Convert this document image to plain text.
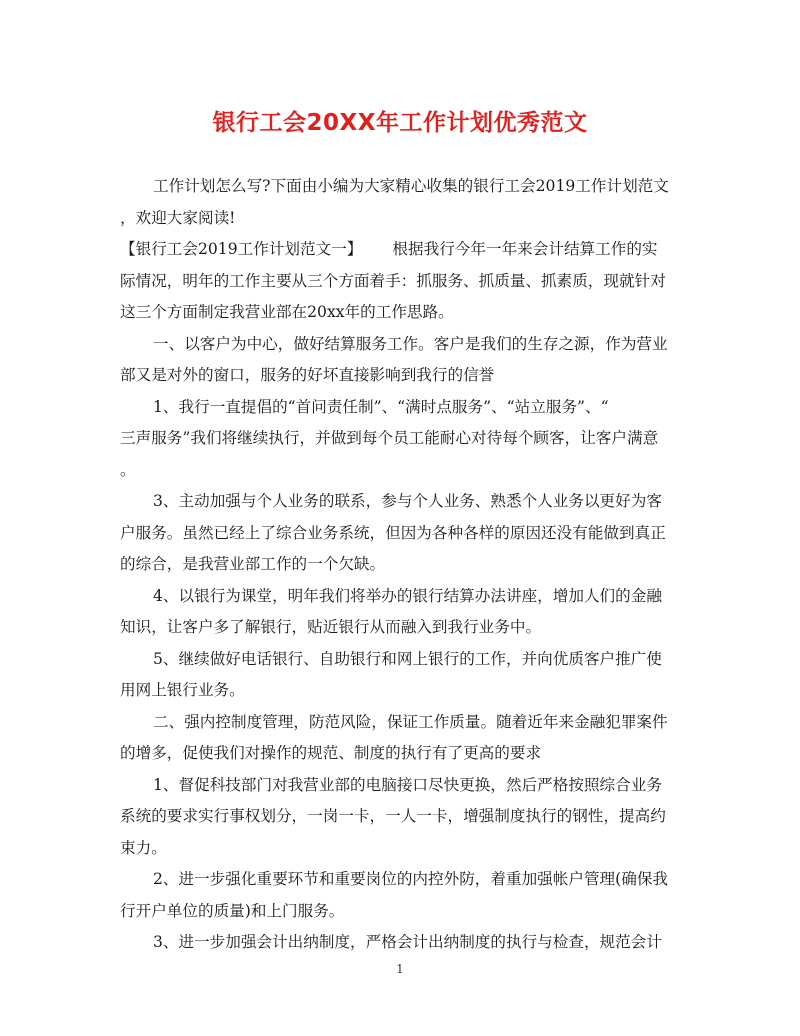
银行工会20XX年工作计划优秀范文
工作计划怎么写?下面由小编为大家精心收集的银行工会2019工作计划范文
，欢迎大家阅读!
【银行工会2019工作计划范文一】 根据我行今年一年来会计结算工作的实
际情况，明年的工作主要从三个方面着手：抓服务、抓质量、抓素质，现就针对
这三个方面制定我营业部在20xx年的工作思路。
一、以客户为中心，做好结算服务工作。客户是我们的生存之源，作为营业
部又是对外的窗口，服务的好坏直接影响到我行的信誉
1、我行一直提倡的“首问责任制”、“满时点服务”、“站立服务”、“
三声服务”我们将继续执行，并做到每个员工能耐心对待每个顾客，让客户满意
。
3、主动加强与个人业务的联系，参与个人业务、熟悉个人业务以更好为客
户服务。虽然已经上了综合业务系统，但因为各种各样的原因还没有能做到真正
的综合，是我营业部工作的一个欠缺。
4、以银行为课堂，明年我们将举办的银行结算办法讲座，增加人们的金融
知识，让客户多了解银行，贴近银行从而融入到我行业务中。
5、继续做好电话银行、自助银行和网上银行的工作，并向优质客户推广使
用网上银行业务。
二、强内控制度管理，防范风险，保证工作质量。随着近年来金融犯罪案件
的增多，促使我们对操作的规范、制度的执行有了更高的要求
1、督促科技部门对我营业部的电脑接口尽快更换，然后严格按照综合业务
系统的要求实行事权划分，一岗一卡，一人一卡，增强制度执行的钢性，提高约
束力。
2、进一步强化重要环节和重要岗位的内控外防，着重加强帐户管理(确保我
行开户单位的质量)和上门服务。
3、进一步加强会计出纳制度，严格会计出纳制度的执行与检查，规范会计
1
